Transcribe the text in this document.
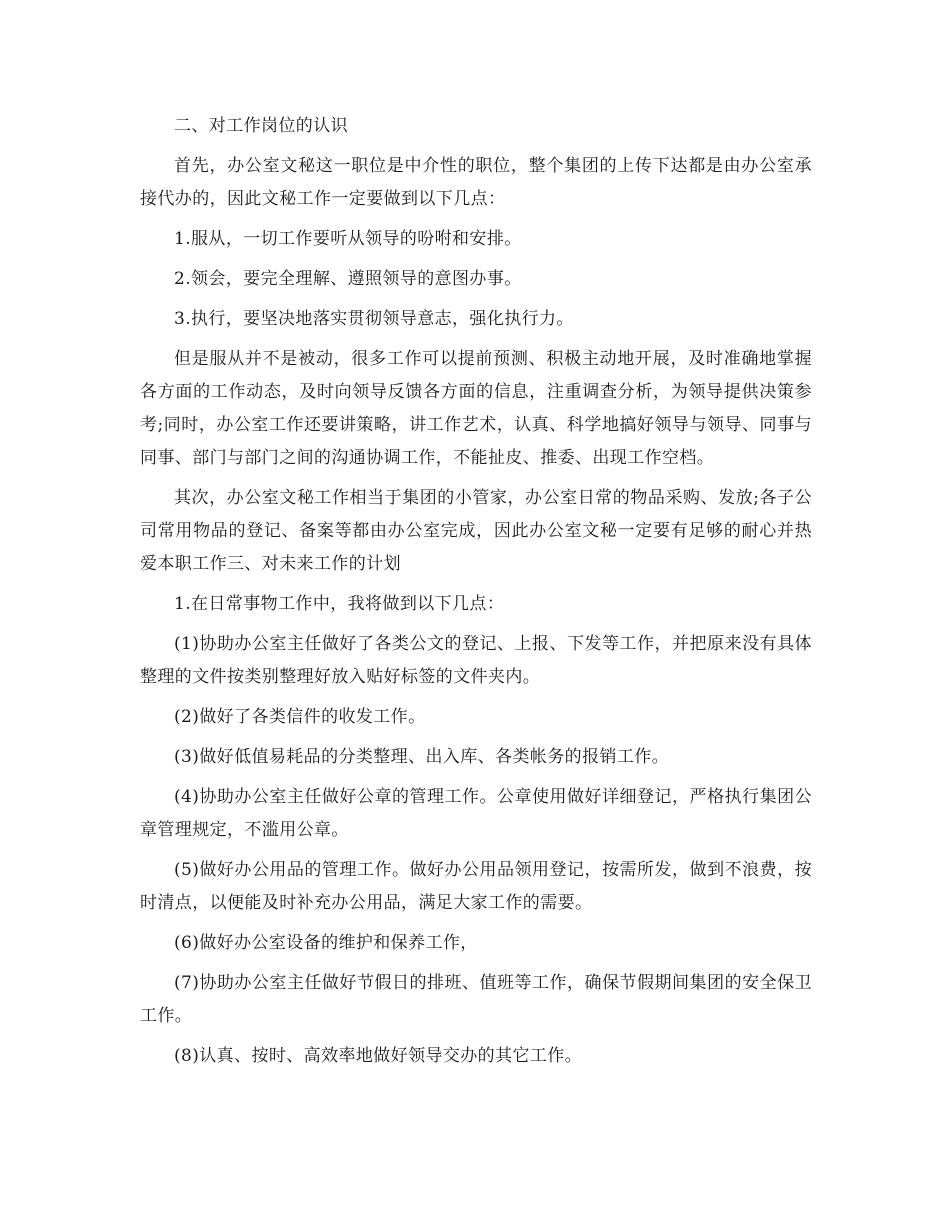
二、对工作岗位的认识

首先，办公室文秘这一职位是中介性的职位，整个集团的上传下达都是由办公室承接代办的，因此文秘工作一定要做到以下几点：

1.服从，一切工作要听从领导的吩咐和安排。

2.领会，要完全理解、遵照领导的意图办事。

3.执行，要坚决地落实贯彻领导意志，强化执行力。

但是服从并不是被动，很多工作可以提前预测、积极主动地开展，及时准确地掌握各方面的工作动态，及时向领导反馈各方面的信息，注重调查分析，为领导提供决策参考;同时，办公室工作还要讲策略，讲工作艺术，认真、科学地搞好领导与领导、同事与同事、部门与部门之间的沟通协调工作，不能扯皮、推委、出现工作空档。

其次，办公室文秘工作相当于集团的小管家，办公室日常的物品采购、发放;各子公司常用物品的登记、备案等都由办公室完成，因此办公室文秘一定要有足够的耐心并热爱本职工作三、对未来工作的计划

1.在日常事物工作中，我将做到以下几点：

(1)协助办公室主任做好了各类公文的登记、上报、下发等工作，并把原来没有具体整理的文件按类别整理好放入贴好标签的文件夹内。

(2)做好了各类信件的收发工作。

(3)做好低值易耗品的分类整理、出入库、各类帐务的报销工作。

(4)协助办公室主任做好公章的管理工作。公章使用做好详细登记，严格执行集团公章管理规定，不滥用公章。

(5)做好办公用品的管理工作。做好办公用品领用登记，按需所发，做到不浪费，按时清点，以便能及时补充办公用品，满足大家工作的需要。

(6)做好办公室设备的维护和保养工作，

(7)协助办公室主任做好节假日的排班、值班等工作，确保节假期间集团的安全保卫工作。

(8)认真、按时、高效率地做好领导交办的其它工作。
